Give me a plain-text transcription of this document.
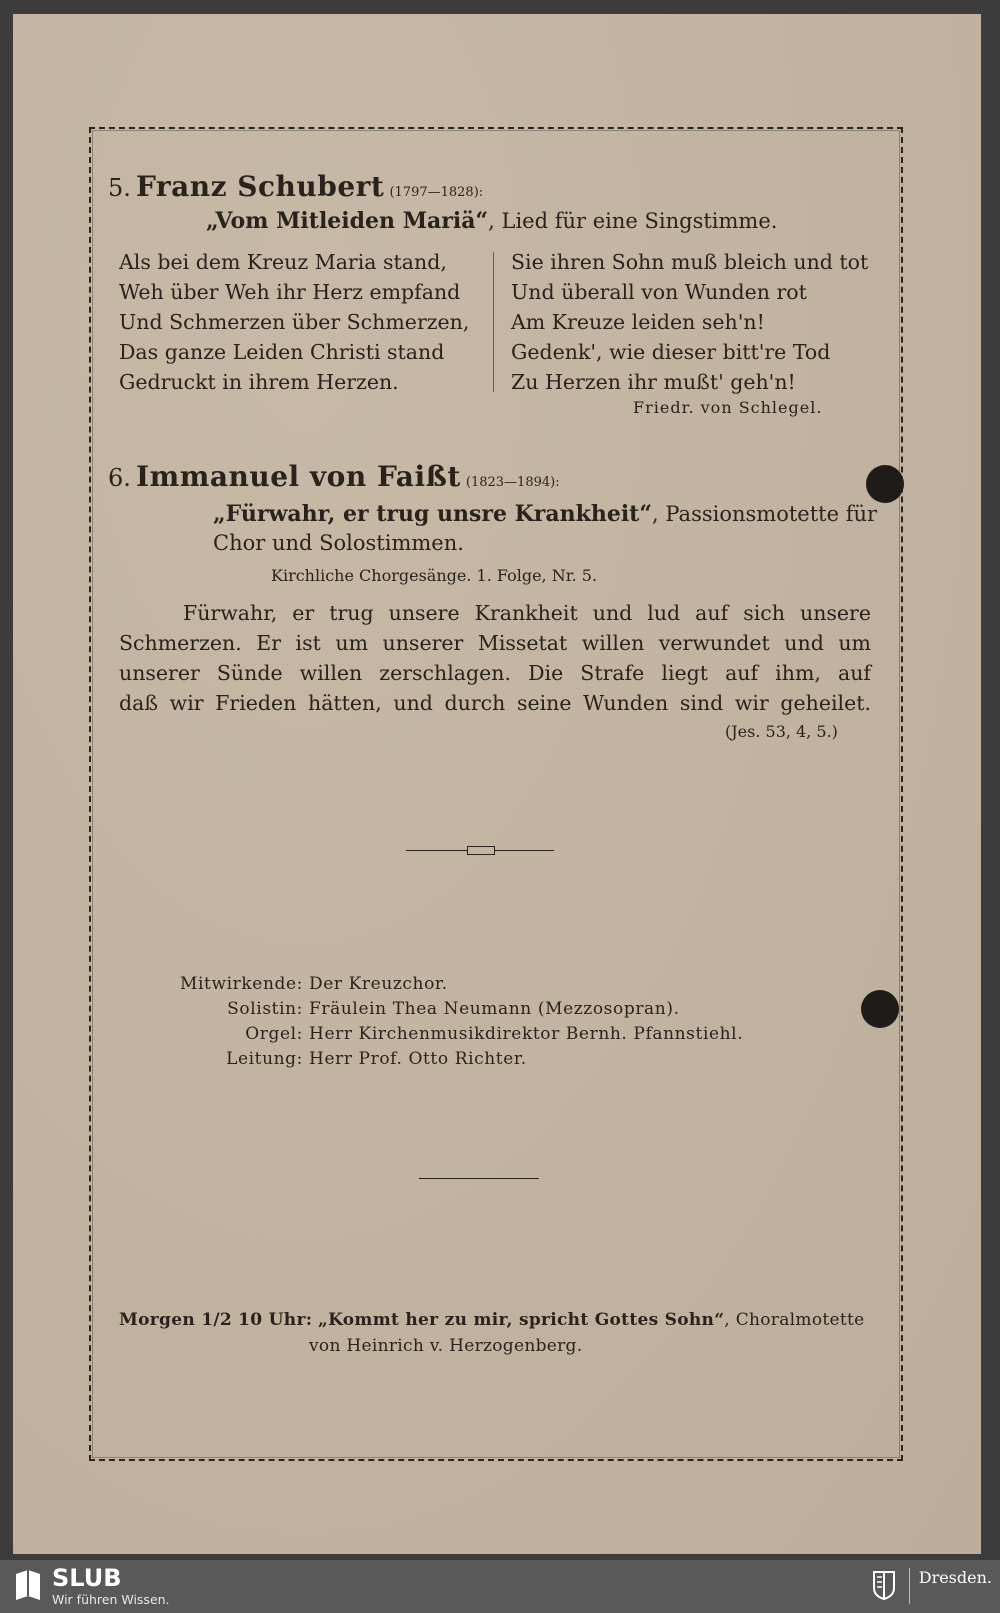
5. Franz Schubert (1797—1828):
„Vom Mitleiden Mariä“, Lied für eine Singstimme.
Als bei dem Kreuz Maria stand,
Weh über Weh ihr Herz empfand
Und Schmerzen über Schmerzen,
Das ganze Leiden Christi stand
Gedruckt in ihrem Herzen.
Sie ihren Sohn muß bleich und tot
Und überall von Wunden rot
Am Kreuze leiden seh'n!
Gedenk', wie dieser bitt're Tod
Zu Herzen ihr mußt' geh'n!
Friedr. von Schlegel.
6. Immanuel von Faißt (1823—1894):
„Fürwahr, er trug unsre Krankheit“, Passionsmotette für
Chor und Solostimmen.
Kirchliche Chorgesänge. 1. Folge, Nr. 5.
Fürwahr, er trug unsere Krankheit und lud auf sich unsere
Schmerzen. Er ist um unserer Missetat willen verwundet und um
unserer Sünde willen zerschlagen. Die Strafe liegt auf ihm, auf
daß wir Frieden hätten, und durch seine Wunden sind wir geheilet.
(Jes. 53, 4, 5.)
Mitwirkende: Der Kreuzchor.
Solistin: Fräulein Thea Neumann (Mezzosopran).
Orgel: Herr Kirchenmusikdirektor Bernh. Pfannstiehl.
Leitung: Herr Prof. Otto Richter.
Morgen 1/2 10 Uhr: „Kommt her zu mir, spricht Gottes Sohn“, Choralmotette
von Heinrich v. Herzogenberg.
SLUB
Wir führen Wissen.
Dresden.
